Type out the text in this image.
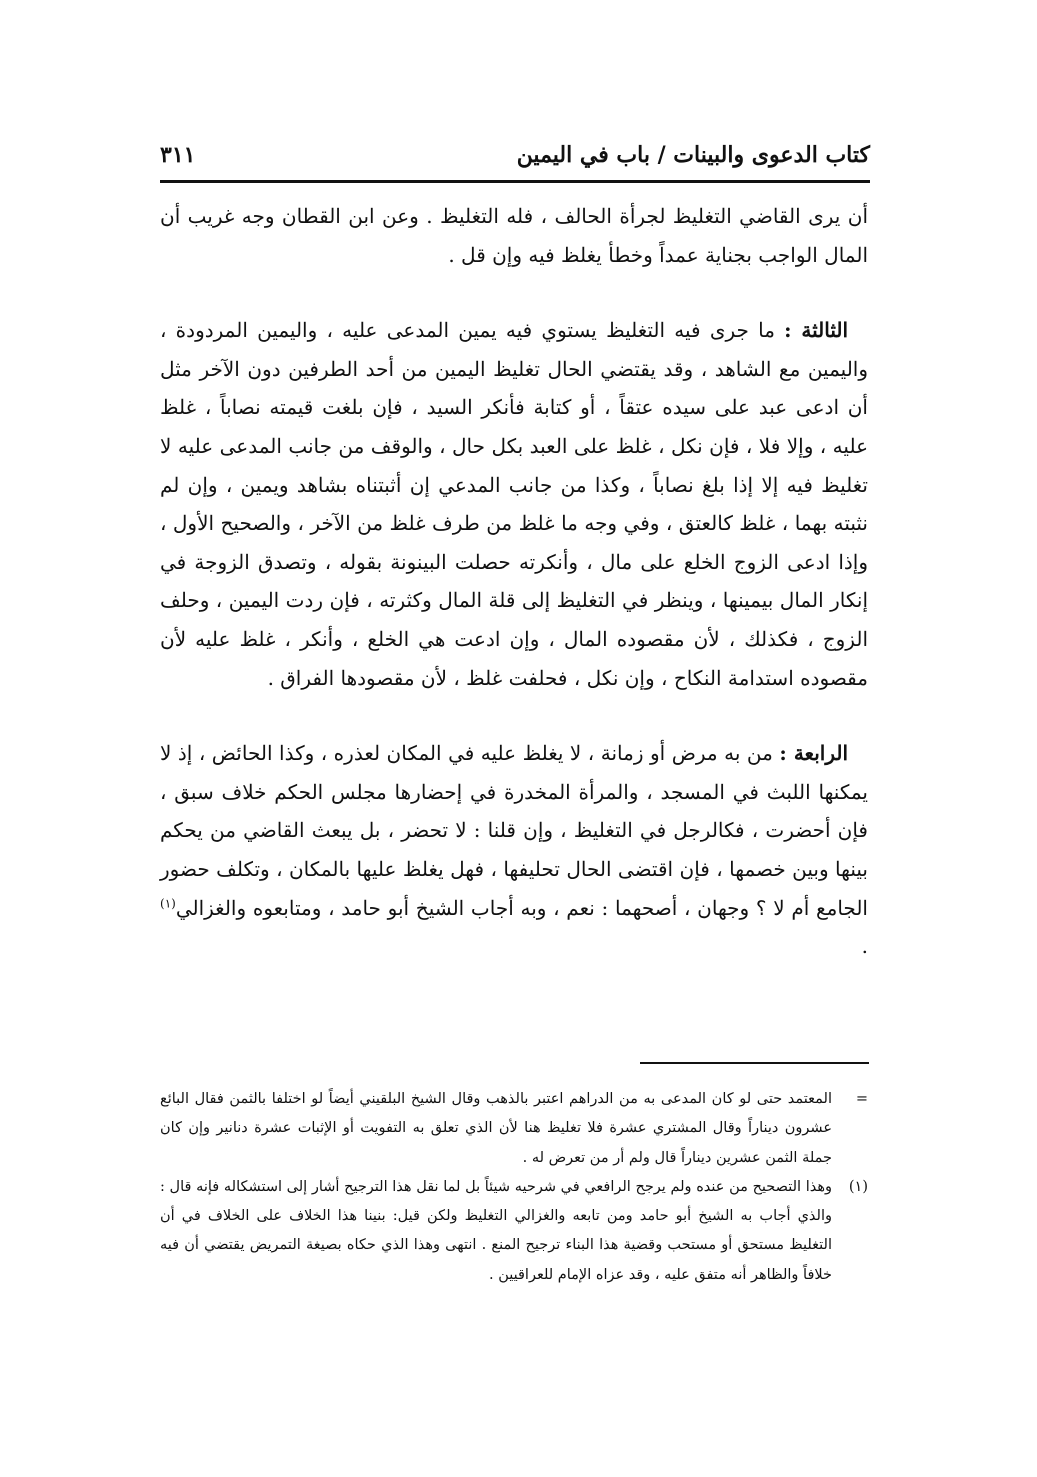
كتاب الدعوى والبينات / باب في اليمين
٣١١

أن يرى القاضي التغليظ لجرأة الحالف ، فله التغليظ . وعن ابن القطان وجه غريب أن المال الواجب بجناية عمداً وخطأ يغلظ فيه وإن قل .

 الثالثة : ما جرى فيه التغليظ يستوي فيه يمين المدعى عليه ، واليمين المردودة ، واليمين مع الشاهد ، وقد يقتضي الحال تغليظ اليمين من أحد الطرفين دون الآخر مثل أن ادعى عبد على سيده عتقاً ، أو كتابة فأنكر السيد ، فإن بلغت قيمته نصاباً ، غلظ عليه ، وإلا فلا ، فإن نكل ، غلظ على العبد بكل حال ، والوقف من جانب المدعى عليه لا تغليظ فيه إلا إذا بلغ نصاباً ، وكذا من جانب المدعي إن أثبتناه بشاهد ويمين ، وإن لم نثبته بهما ، غلظ كالعتق ، وفي وجه ما غلظ من طرف غلظ من الآخر ، والصحيح الأول ، وإذا ادعى الزوج الخلع على مال ، وأنكرته حصلت البينونة بقوله ، وتصدق الزوجة في إنكار المال بيمينها ، وينظر في التغليظ إلى قلة المال وكثرته ، فإن ردت اليمين ، وحلف الزوج ، فكذلك ، لأن مقصوده المال ، وإن ادعت هي الخلع ، وأنكر ، غلظ عليه لأن مقصوده استدامة النكاح ، وإن نكل ، فحلفت غلظ ، لأن مقصودها الفراق .

 الرابعة : من به مرض أو زمانة ، لا يغلظ عليه في المكان لعذره ، وكذا الحائض ، إذ لا يمكنها اللبث في المسجد ، والمرأة المخدرة في إحضارها مجلس الحكم خلاف سبق ، فإن أحضرت ، فكالرجل في التغليظ ، وإن قلنا : لا تحضر ، بل يبعث القاضي من يحكم بينها وبين خصمها ، فإن اقتضى الحال تحليفها ، فهل يغلظ عليها بالمكان ، وتكلف حضور الجامع أم لا ؟ وجهان ، أصحهما : نعم ، وبه أجاب الشيخ أبو حامد ، ومتابعوه والغزالي$^{(١)}$ .

=
المعتمد حتى لو كان المدعى به من الدراهم اعتبر بالذهب وقال الشيخ البلقيني أيضاً لو اختلفا بالثمن فقال البائع عشرون ديناراً وقال المشتري عشرة فلا تغليظ هنا لأن الذي تعلق به التفويت أو الإثبات عشرة دنانير وإن كان جملة الثمن عشرين ديناراً قال ولم أر من تعرض له .
(١)
وهذا التصحيح من عنده ولم يرجح الرافعي في شرحيه شيئاً بل لما نقل هذا الترجيح أشار إلى استشكاله فإنه قال : والذي أجاب به الشيخ أبو حامد ومن تابعه والغزالي التغليظ ولكن قيل: بنينا هذا الخلاف على الخلاف في أن التغليظ مستحق أو مستحب وقضية هذا البناء ترجيح المنع . انتهى وهذا الذي حكاه بصيغة التمريض يقتضي أن فيه خلافاً والظاهر أنه متفق عليه ، وقد عزاه الإمام للعراقيين .
